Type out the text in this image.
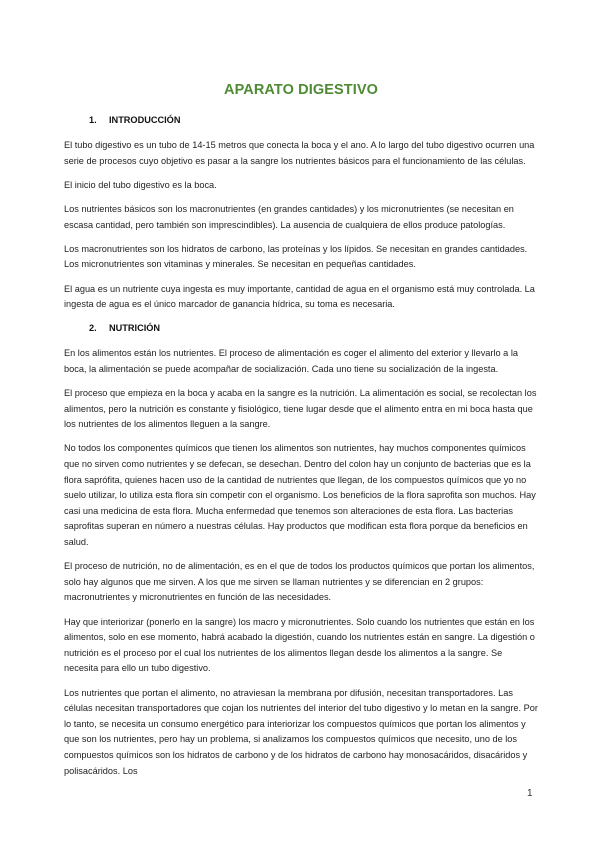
APARATO DIGESTIVO
1.	INTRODUCCIÓN

El tubo digestivo es un tubo de 14-15 metros que conecta la boca y el ano. A lo largo del tubo digestivo ocurren una serie de procesos cuyo objetivo es pasar a la sangre los nutrientes básicos para el funcionamiento de las células.

El inicio del tubo digestivo es la boca.

Los nutrientes básicos son los macronutrientes (en grandes cantidades) y los micronutrientes (se necesitan en escasa cantidad, pero también son imprescindibles). La ausencia de cualquiera de ellos produce patologías.

Los macronutrientes son los hidratos de carbono, las proteínas y los lípidos. Se necesitan en grandes cantidades. Los micronutrientes son vitaminas y minerales. Se necesitan en pequeñas cantidades.

El agua es un nutriente cuya ingesta es muy importante, cantidad de agua en el organismo está muy controlada. La ingesta de agua es el único marcador de ganancia hídrica, su toma es necesaria.

2.	NUTRICIÓN

En los alimentos están los nutrientes. El proceso de alimentación es coger el alimento del exterior y llevarlo a la boca, la alimentación se puede acompañar de socialización. Cada uno tiene su socialización de la ingesta.

El proceso que empieza en la boca y acaba en la sangre es la nutrición. La alimentación es social, se recolectan los alimentos, pero la nutrición es constante y fisiológico, tiene lugar desde que el alimento entra en mi boca hasta que los nutrientes de los alimentos lleguen a la sangre.

No todos los componentes químicos que tienen los alimentos son nutrientes, hay muchos componentes químicos que no sirven como nutrientes y se defecan, se desechan. Dentro del colon hay un conjunto de bacterias que es la flora saprófita, quienes hacen uso de la cantidad de nutrientes que llegan, de los compuestos químicos que yo no suelo utilizar, lo utiliza esta flora sin competir con el organismo. Los beneficios de la flora saprofita son muchos. Hay casi una medicina de esta flora. Mucha enfermedad que tenemos son alteraciones de esta flora. Las bacterias saprofitas superan en número a nuestras células. Hay productos que modifican esta flora porque da beneficios en salud.

El proceso de nutrición, no de alimentación, es en el que de todos los productos químicos que portan los alimentos, solo hay algunos que me sirven. A los que me sirven se llaman nutrientes y se diferencian en 2 grupos: macronutrientes y micronutrientes en función de las necesidades.

Hay que interiorizar (ponerlo en la sangre) los macro y micronutrientes. Solo cuando los nutrientes que están en los alimentos, solo en ese momento, habrá acabado la digestión, cuando los nutrientes están en sangre. La digestión o nutrición es el proceso por el cual los nutrientes de los alimentos llegan desde los alimentos a la sangre. Se necesita para ello un tubo digestivo.

Los nutrientes que portan el alimento, no atraviesan la membrana por difusión, necesitan transportadores. Las células necesitan transportadores que cojan los nutrientes del interior del tubo digestivo y lo metan en la sangre. Por lo tanto, se necesita un consumo energético para interiorizar los compuestos químicos que portan los alimentos y que son los nutrientes, pero hay un problema, si analizamos los compuestos químicos que necesito, uno de los compuestos químicos son los hidratos de carbono y de los hidratos de carbono hay monosacáridos, disacáridos y polisacáridos. Los

1
